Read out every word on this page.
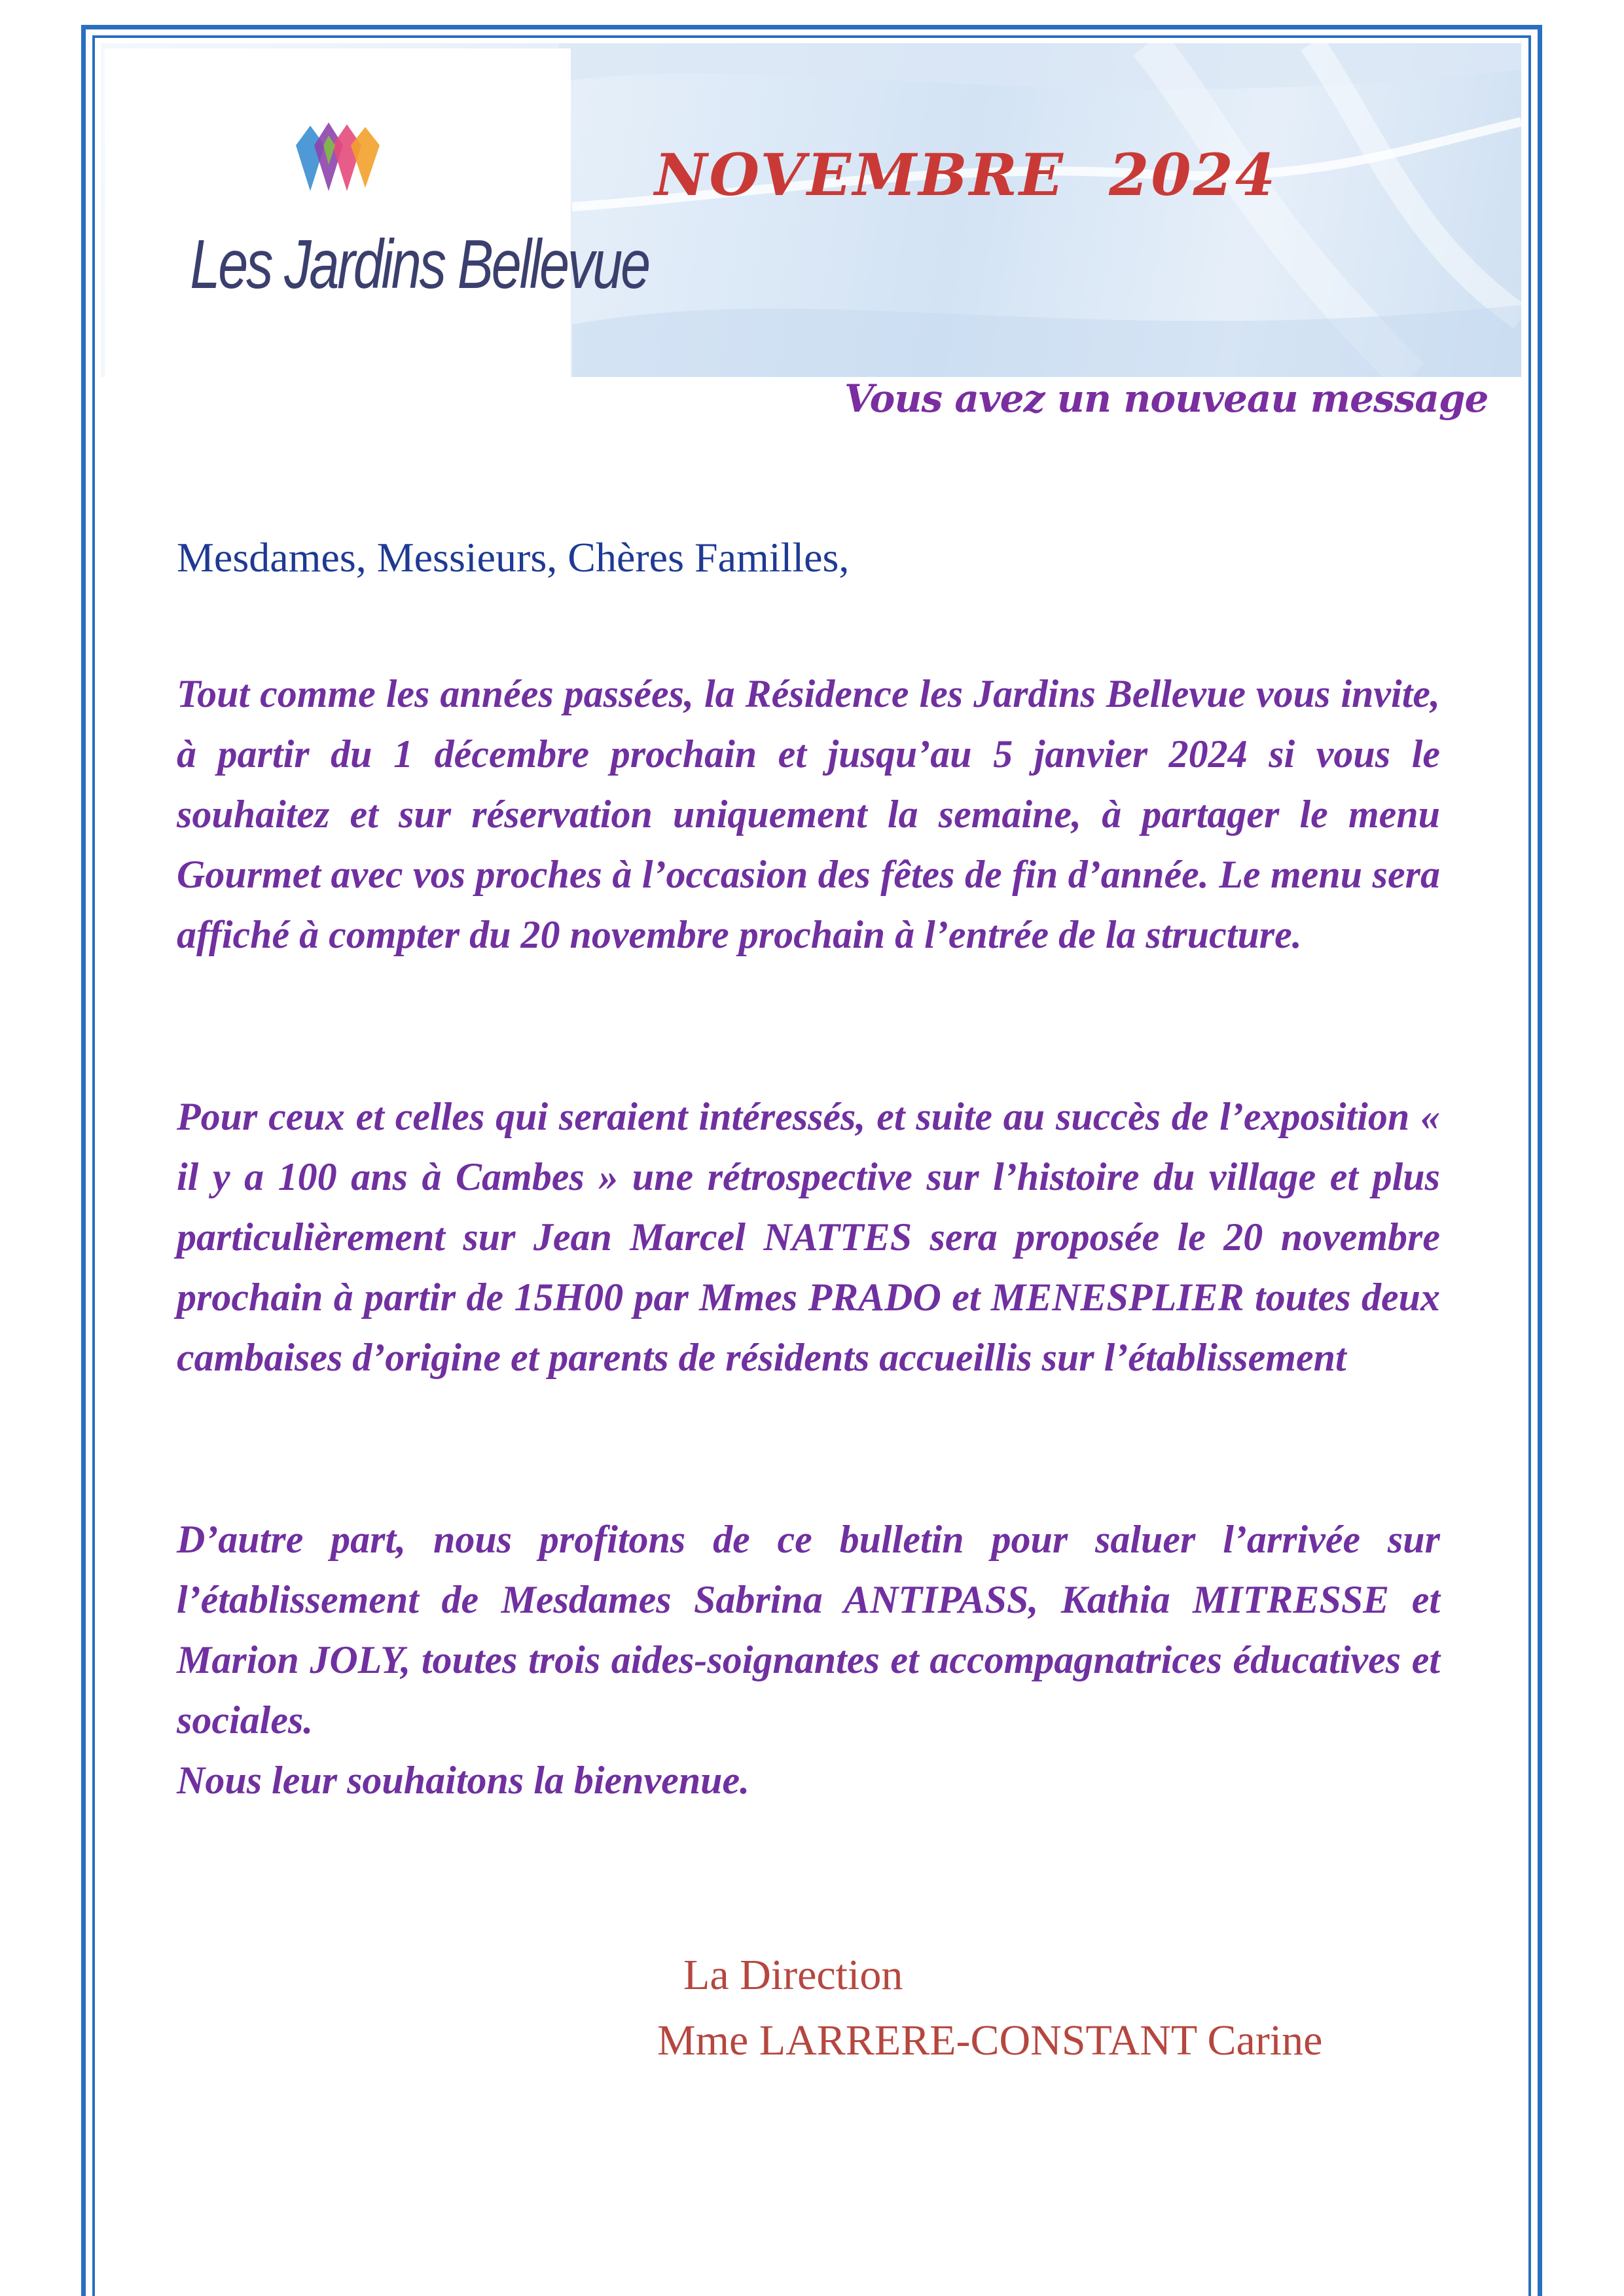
Les Jardins Bellevue
NOVEMBRE  2024
Vous avez un nouveau message
Mesdames, Messieurs, Chères Familles,

Tout comme les années passées, la Résidence les Jardins Bellevue vous invite, à partir du 1 décembre prochain et jusqu’au 5 janvier 2024 si vous le souhaitez et sur réservation uniquement la semaine, à partager le menu Gourmet avec vos proches à l’occasion des fêtes de fin d’année. Le menu sera affiché à compter du 20 novembre prochain à l’entrée de la structure.

Pour ceux et celles qui seraient intéressés, et suite au succès de l’exposition « il y a 100 ans à Cambes » une rétrospective sur l’histoire du village et plus particulièrement sur Jean Marcel NATTES sera proposée le 20 novembre prochain à partir de 15H00 par Mmes PRADO et MENESPLIER toutes deux cambaises d’origine et parents de résidents accueillis sur l’établissement

D’autre part, nous profitons de ce bulletin pour saluer l’arrivée sur l’établissement de Mesdames Sabrina ANTIPASS, Kathia MITRESSE et Marion JOLY, toutes trois aides-soignantes et accompagnatrices éducatives et sociales.
Nous leur souhaitons la bienvenue.
La Direction
Mme LARRERE-CONSTANT Carine
